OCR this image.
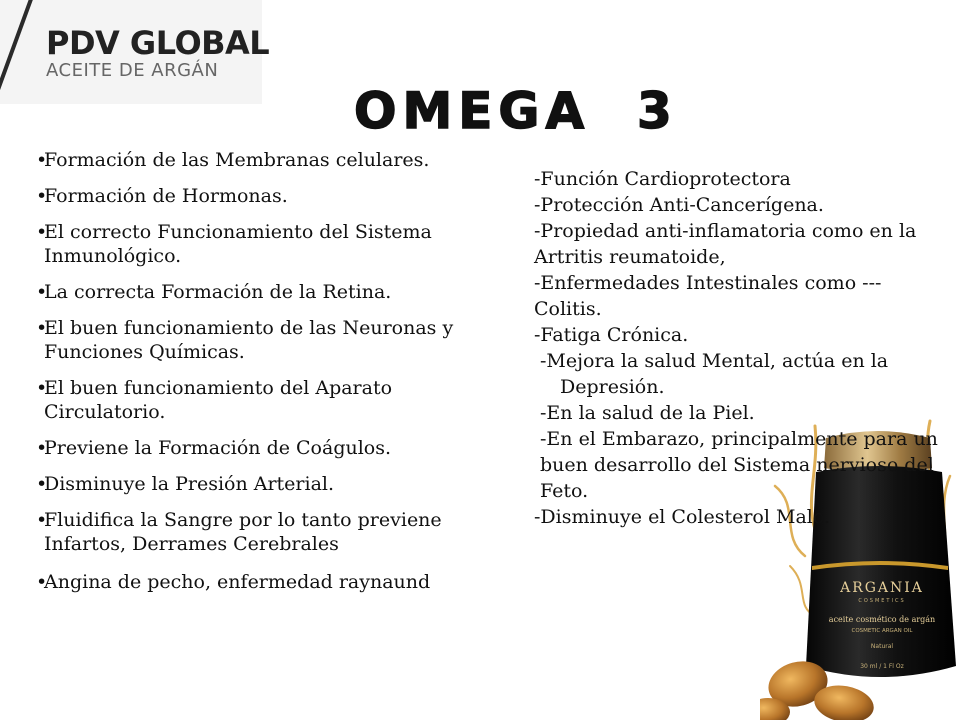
PDV GLOBAL
ACEITE DE ARGÁN
OMEGA  3
•
Formación de las Membranas celulares.
•
Formación de Hormonas.
•
El correcto Funcionamiento del Sistema Inmunológico.
•
La correcta Formación de la Retina.
•
El buen funcionamiento de las Neuronas y Funciones Químicas.
•
El buen funcionamiento del Aparato Circulatorio.
•
Previene la Formación de Coágulos.
•
Disminuye la Presión Arterial.
•
Fluidifica la Sangre por lo tanto previene Infartos, Derrames Cerebrales
•
Angina de pecho, enfermedad raynaund
-Función Cardioprotectora
-Protección Anti-Cancerígena.
-Propiedad anti-inflamatoria como en la Artritis reumatoide,
-Enfermedades Intestinales como --- Colitis.
-Fatiga Crónica.
-Mejora la salud Mental, actúa en la
Depresión.
-En la salud de la Piel.
-En el Embarazo, principalmente para un buen desarrollo del Sistema nervioso del Feto.
-Disminuye el Colesterol Malo.
ARGANIA
COSMETICS
aceite cosmético de argán
COSMETIC ARGAN OIL
Natural
30 ml / 1 Fl Oz
